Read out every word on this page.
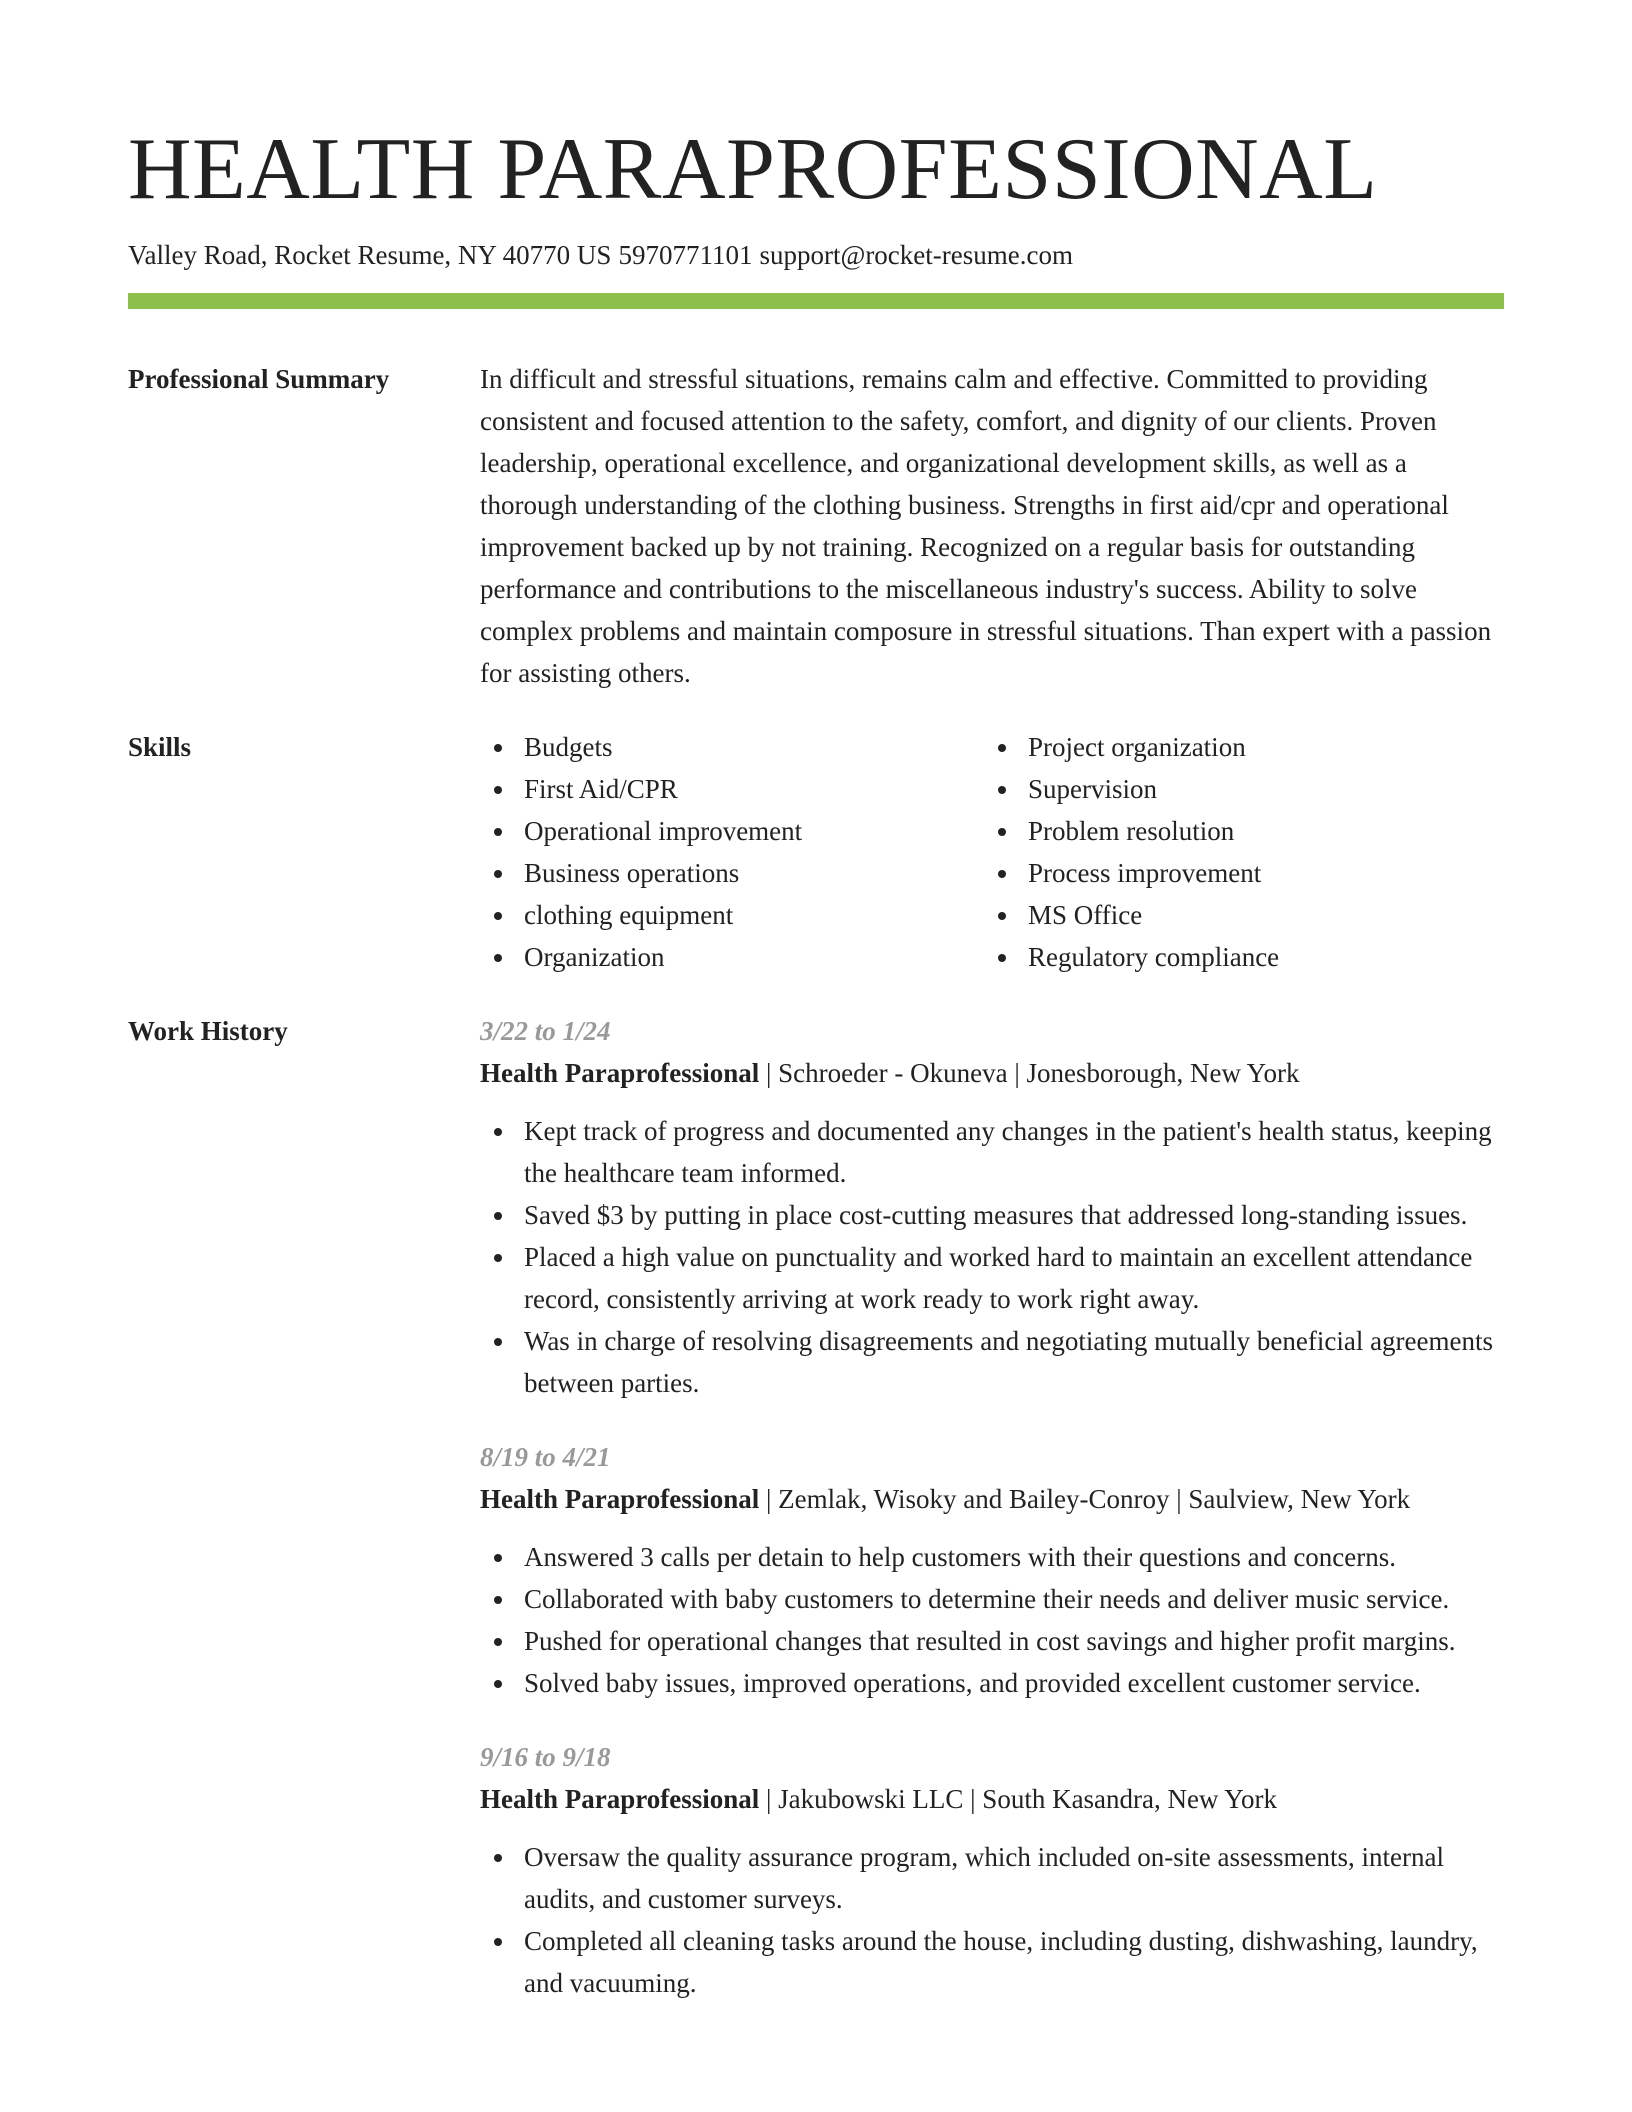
HEALTH PARAPROFESSIONAL
Valley Road, Rocket Resume, NY 40770 US 5970771101 support@rocket-resume.com
Professional Summary	In difficult and stressful situations, remains calm and effective. Committed to providing consistent and focused attention to the safety, comfort, and dignity of our clients. Proven leadership, operational excellence, and organizational development skills, as well as a thorough understanding of the clothing business. Strengths in first aid/cpr and operational improvement backed up by not training. Recognized on a regular basis for outstanding performance and contributions to the miscellaneous industry's success. Ability to solve complex problems and maintain composure in stressful situations. Than expert with a passion for assisting others.
Skills	Budgets
First Aid/CPR
Operational improvement
Business operations
clothing equipment
Organization
Project organization
Supervision
Problem resolution
Process improvement
MS Office
Regulatory compliance
Work History	3/22 to 1/24
Health Paraprofessional | Schroeder - Okuneva | Jonesborough, New York
Kept track of progress and documented any changes in the patient's health status, keeping the healthcare team informed.
Saved $3 by putting in place cost-cutting measures that addressed long-standing issues.
Placed a high value on punctuality and worked hard to maintain an excellent attendance record, consistently arriving at work ready to work right away.
Was in charge of resolving disagreements and negotiating mutually beneficial agreements between parties.
8/19 to 4/21
Health Paraprofessional | Zemlak, Wisoky and Bailey-Conroy | Saulview, New York
Answered 3 calls per detain to help customers with their questions and concerns.
Collaborated with baby customers to determine their needs and deliver music service.
Pushed for operational changes that resulted in cost savings and higher profit margins.
Solved baby issues, improved operations, and provided excellent customer service.
9/16 to 9/18
Health Paraprofessional | Jakubowski LLC | South Kasandra, New York
Oversaw the quality assurance program, which included on-site assessments, internal audits, and customer surveys.
Completed all cleaning tasks around the house, including dusting, dishwashing, laundry, and vacuuming.
